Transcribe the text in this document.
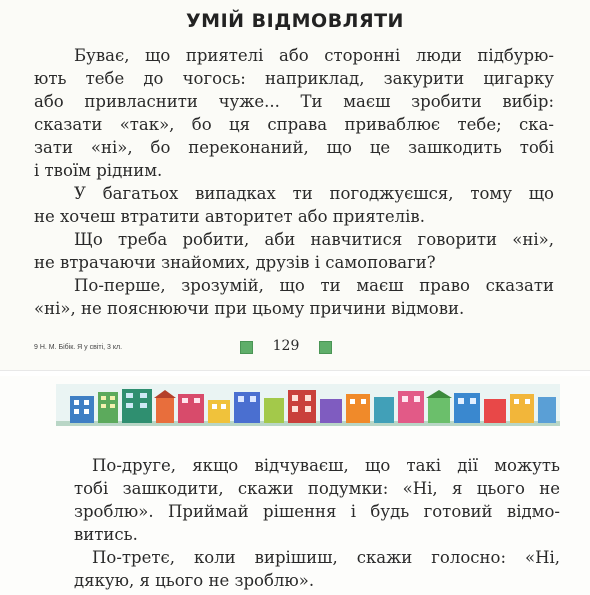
УМІЙ ВІДМОВЛЯТИ
Буває, що приятелі або сторонні люди підбурю-
ють тебе до чогось: наприклад, закурити цигарку
або привласнити чуже... Ти маєш зробити вибір:
сказати «так», бо ця справа приваблює тебе; ска-
зати «ні», бо переконаний, що це зашкодить тобі
і твоїм рідним.
У багатьох випадках ти погоджуєшся, тому що
не хочеш втратити авторитет або приятелів.
Що треба робити, аби навчитися говорити «ні»,
не втрачаючи знайомих, друзів і самоповаги?
По-перше, зрозумій, що ти маєш право сказати
«ні», не пояснюючи при цьому причини відмови.
9 Н. М. Бібік. Я у світі, 3 кл.	129
По-друге, якщо відчуваєш, що такі дії можуть
тобі зашкодити, скажи подумки: «Ні, я цього не
зроблю». Приймай рішення і будь готовий відмо-
витись.
По-третє, коли вирішиш, скажи голосно: «Ні,
дякую, я цього не зроблю».
